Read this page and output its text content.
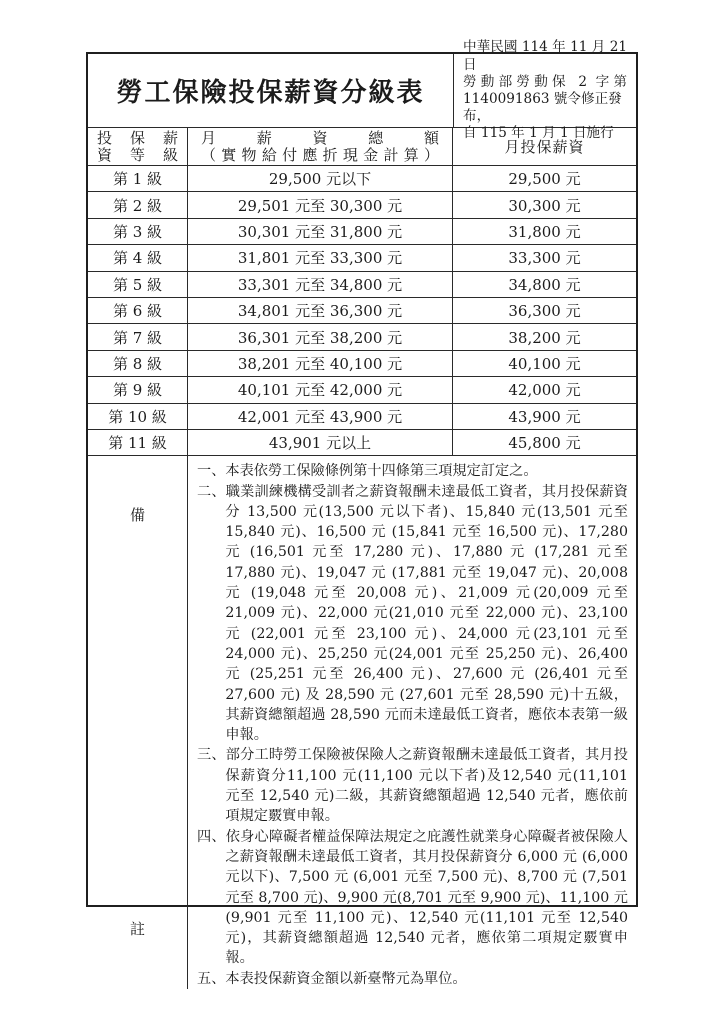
勞工保險投保薪資分級表
中華民國 114 年 11 月 21 日
勞動部勞動保 2 字第
1140091863 號令修正發布，
自 115 年 1 月 1 日施行
投 保 薪
資 等 級
月 薪 資 總 額
（ 實 物 給 付 應 折 現 金 計 算 ）	月投保薪資
第 1 級	29,500 元以下	29,500 元
第 2 級	29,501 元至 30,300 元	30,300 元
第 3 級	30,301 元至 31,800 元	31,800 元
第 4 級	31,801 元至 33,300 元	33,300 元
第 5 級	33,301 元至 34,800 元	34,800 元
第 6 級	34,801 元至 36,300 元	36,300 元
第 7 級	36,301 元至 38,200 元	38,200 元
第 8 級	38,201 元至 40,100 元	40,100 元
第 9 級	40,101 元至 42,000 元	42,000 元
第 10 級	42,001 元至 43,900 元	43,900 元
第 11 級	43,901 元以上	45,800 元
備
註
一、本表依勞工保險條例第十四條第三項規定訂定之。
二、職業訓練機構受訓者之薪資報酬未達最低工資者，其月投保薪資分 13,500 元(13,500 元以下者)、15,840 元(13,501 元至 15,840 元)、16,500 元 (15,841 元至 16,500 元)、17,280 元 (16,501 元至 17,280 元)、17,880 元 (17,281 元至 17,880 元)、19,047 元 (17,881 元至 19,047 元)、20,008 元 (19,048 元至 20,008 元)、21,009 元(20,009 元至 21,009 元)、22,000 元(21,010 元至 22,000 元)、23,100 元 (22,001 元至 23,100 元)、24,000 元(23,101 元至 24,000 元)、25,250 元(24,001 元至 25,250 元)、26,400 元 (25,251 元至 26,400 元)、27,600 元 (26,401 元至 27,600 元) 及 28,590 元 (27,601 元至 28,590 元)十五級，其薪資總額超過 28,590 元而未達最低工資者，應依本表第一級申報。
三、部分工時勞工保險被保險人之薪資報酬未達最低工資者，其月投保薪資分11,100 元(11,100 元以下者)及12,540 元(11,101 元至 12,540 元)二級，其薪資總額超過 12,540 元者，應依前項規定覈實申報。
四、依身心障礙者權益保障法規定之庇護性就業身心障礙者被保險人之薪資報酬未達最低工資者，其月投保薪資分 6,000 元 (6,000 元以下)、7,500 元 (6,001 元至 7,500 元)、8,700 元 (7,501 元至 8,700 元)、9,900 元(8,701 元至 9,900 元)、11,100 元(9,901 元至 11,100 元)、12,540 元(11,101 元至 12,540 元)，其薪資總額超過 12,540 元者，應依第二項規定覈實申報。
五、本表投保薪資金額以新臺幣元為單位。
